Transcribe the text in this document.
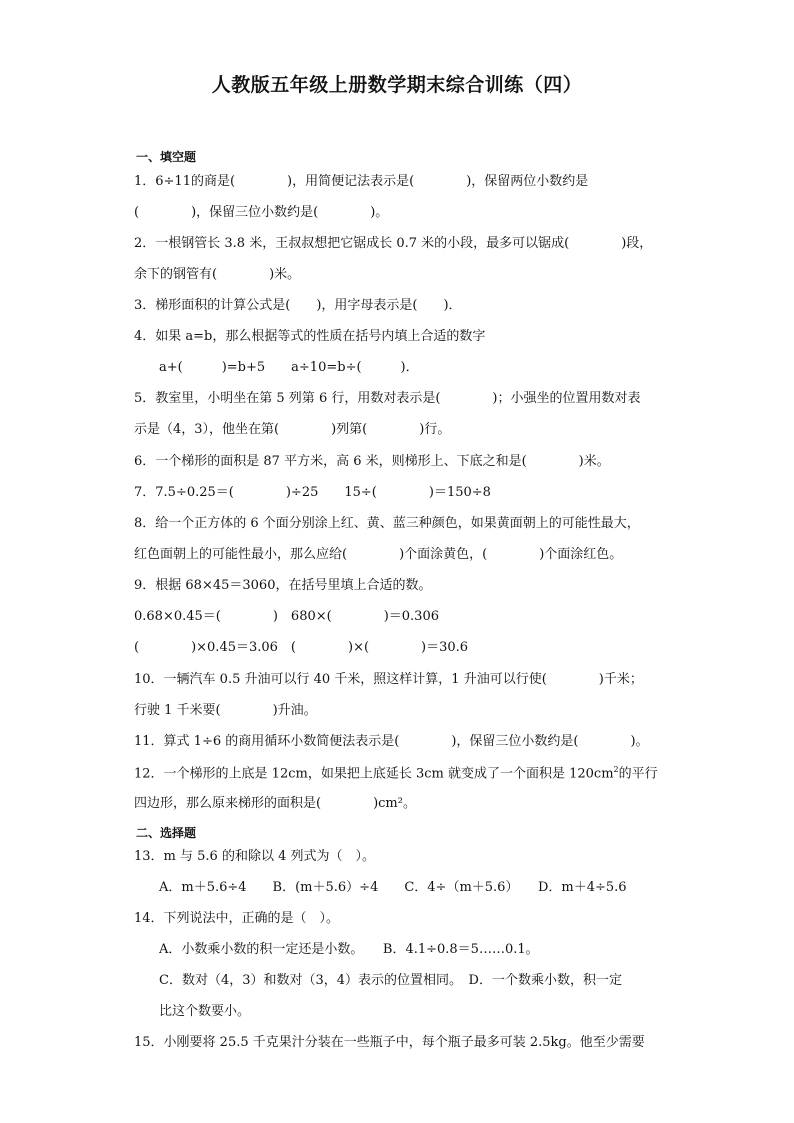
人教版五年级上册数学期末综合训练（四）
一、填空题
1．6÷11的商是(　　　　)，用简便记法表示是(　　　　)，保留两位小数约是
(　　　　)，保留三位小数约是(　　　　)。
2．一根钢管长 3.8 米，王叔叔想把它锯成长 0.7 米的小段，最多可以锯成(　　　　)段，
余下的钢管有(　　　　)米。
3．梯形面积的计算公式是(　　)，用字母表示是(　　)．
4．如果 a=b，那么根据等式的性质在括号内填上合适的数字
a+(　　　)=b+5　　a÷10=b÷(　　　)．
5．教室里，小明坐在第 5 列第 6 行，用数对表示是(　　　　)；小强坐的位置用数对表
示是（4，3），他坐在第(　　　　)列第(　　　　)行。
6．一个梯形的面积是 87 平方米，高 6 米，则梯形上、下底之和是(　　　　)米。
7．7.5÷0.25＝(　　　　)÷25　　15÷(　　　　)＝150÷8
8．给一个正方体的 6 个面分别涂上红、黄、蓝三种颜色，如果黄面朝上的可能性最大，
红色面朝上的可能性最小，那么应给(　　　　)个面涂黄色，(　　　　)个面涂红色。
9．根据 68×45＝3060，在括号里填上合适的数。
0.68×0.45＝(　　　　)　680×(　　　　)＝0.306
(　　　　)×0.45＝3.06　(　　　　)×(　　　　)＝30.6
10．一辆汽车 0.5 升油可以行 40 千米，照这样计算，1 升油可以行使(　　　　)千米；
行驶 1 千米要(　　　　)升油。
11．算式 1÷6 的商用循环小数简便法表示是(　　　　)，保留三位小数约是(　　　　)。
12．一个梯形的上底是 12cm，如果把上底延长 3cm 就变成了一个面积是 $120cm^2$的平行
四边形，那么原来梯形的面积是(　　　　)cm²。
二、选择题
13．m 与 5.6 的和除以 4 列式为（　）。
A．m＋5.6÷4　　B．(m＋5.6）÷4　　C．4÷（m＋5.6）　　D．m＋4÷5.6
14．下列说法中，正确的是（　）。
A．小数乘小数的积一定还是小数。　　B．4.1÷0.8＝5……0.1。
C．数对（4，3）和数对（3，4）表示的位置相同。　D．一个数乘小数，积一定
比这个数要小。
15．小刚要将 25.5 千克果汁分装在一些瓶子中，每个瓶子最多可装 2.5kg。他至少需要
